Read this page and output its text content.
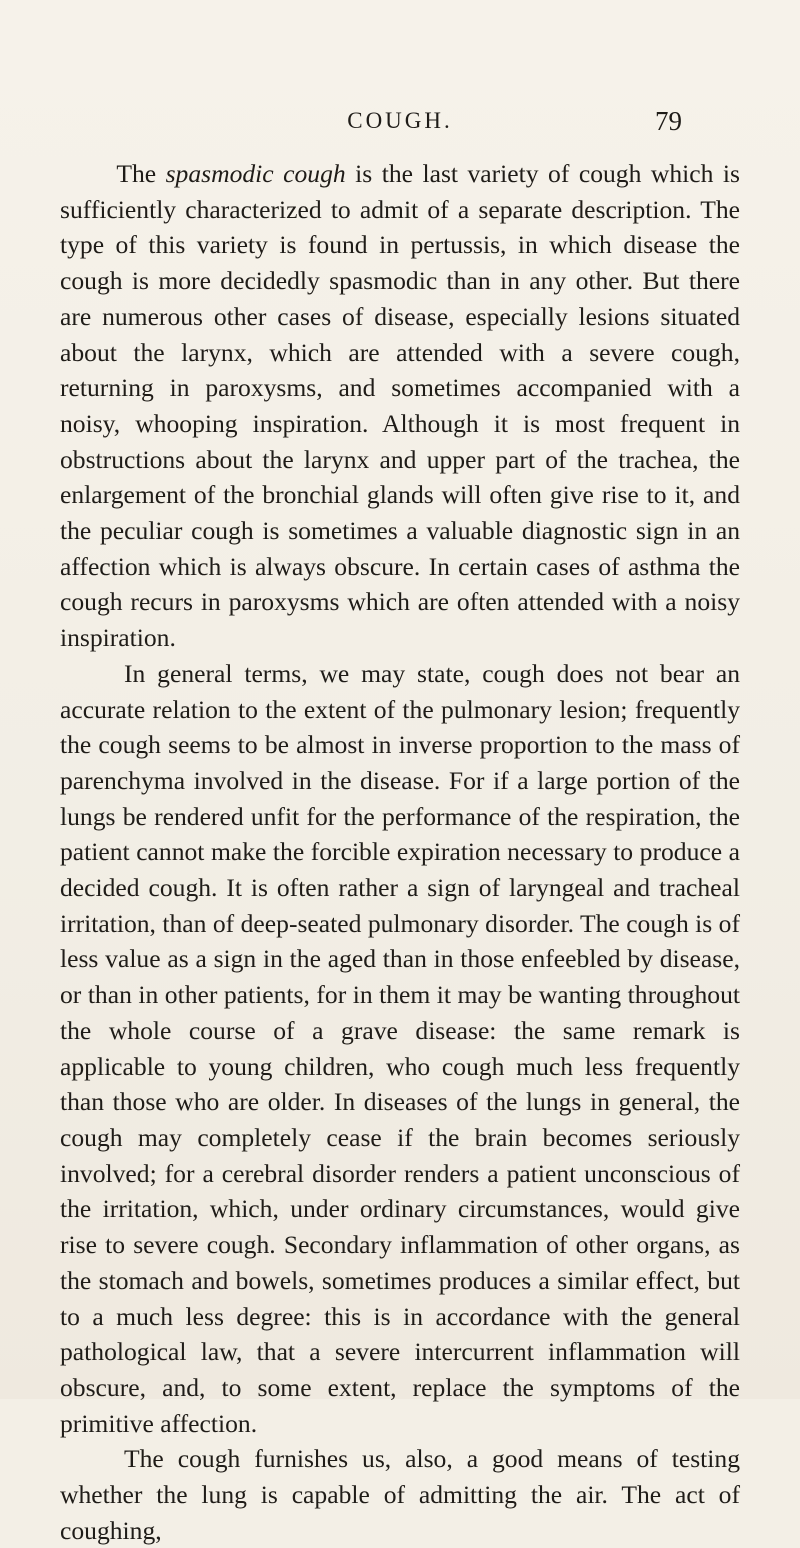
COUGH.	79

The spasmodic cough is the last variety of cough which is sufficiently characterized to admit of a separate description. The type of this variety is found in pertussis, in which disease the cough is more decidedly spasmodic than in any other. But there are numerous other cases of disease, especially lesions situated about the larynx, which are attended with a severe cough, returning in paroxysms, and sometimes accompanied with a noisy, whooping inspiration. Although it is most frequent in obstructions about the larynx and upper part of the trachea, the enlargement of the bronchial glands will often give rise to it, and the peculiar cough is sometimes a valuable diagnostic sign in an affection which is always obscure. In certain cases of asthma the cough recurs in paroxysms which are often attended with a noisy inspiration.

In general terms, we may state, cough does not bear an accurate relation to the extent of the pulmonary lesion; frequently the cough seems to be almost in inverse proportion to the mass of parenchyma involved in the disease. For if a large portion of the lungs be rendered unfit for the performance of the respiration, the patient cannot make the forcible expiration necessary to produce a decided cough. It is often rather a sign of laryngeal and tracheal irritation, than of deep-seated pulmonary disorder. The cough is of less value as a sign in the aged than in those enfeebled by disease, or than in other patients, for in them it may be wanting throughout the whole course of a grave disease: the same remark is applicable to young children, who cough much less frequently than those who are older. In diseases of the lungs in general, the cough may completely cease if the brain becomes seriously involved; for a cerebral disorder renders a patient unconscious of the irritation, which, under ordinary circumstances, would give rise to severe cough. Secondary inflammation of other organs, as the stomach and bowels, sometimes produces a similar effect, but to a much less degree: this is in accordance with the general pathological law, that a severe intercurrent inflammation will obscure, and, to some extent, replace the symptoms of the primitive affection.

The cough furnishes us, also, a good means of testing whether the lung is capable of admitting the air. The act of coughing,
